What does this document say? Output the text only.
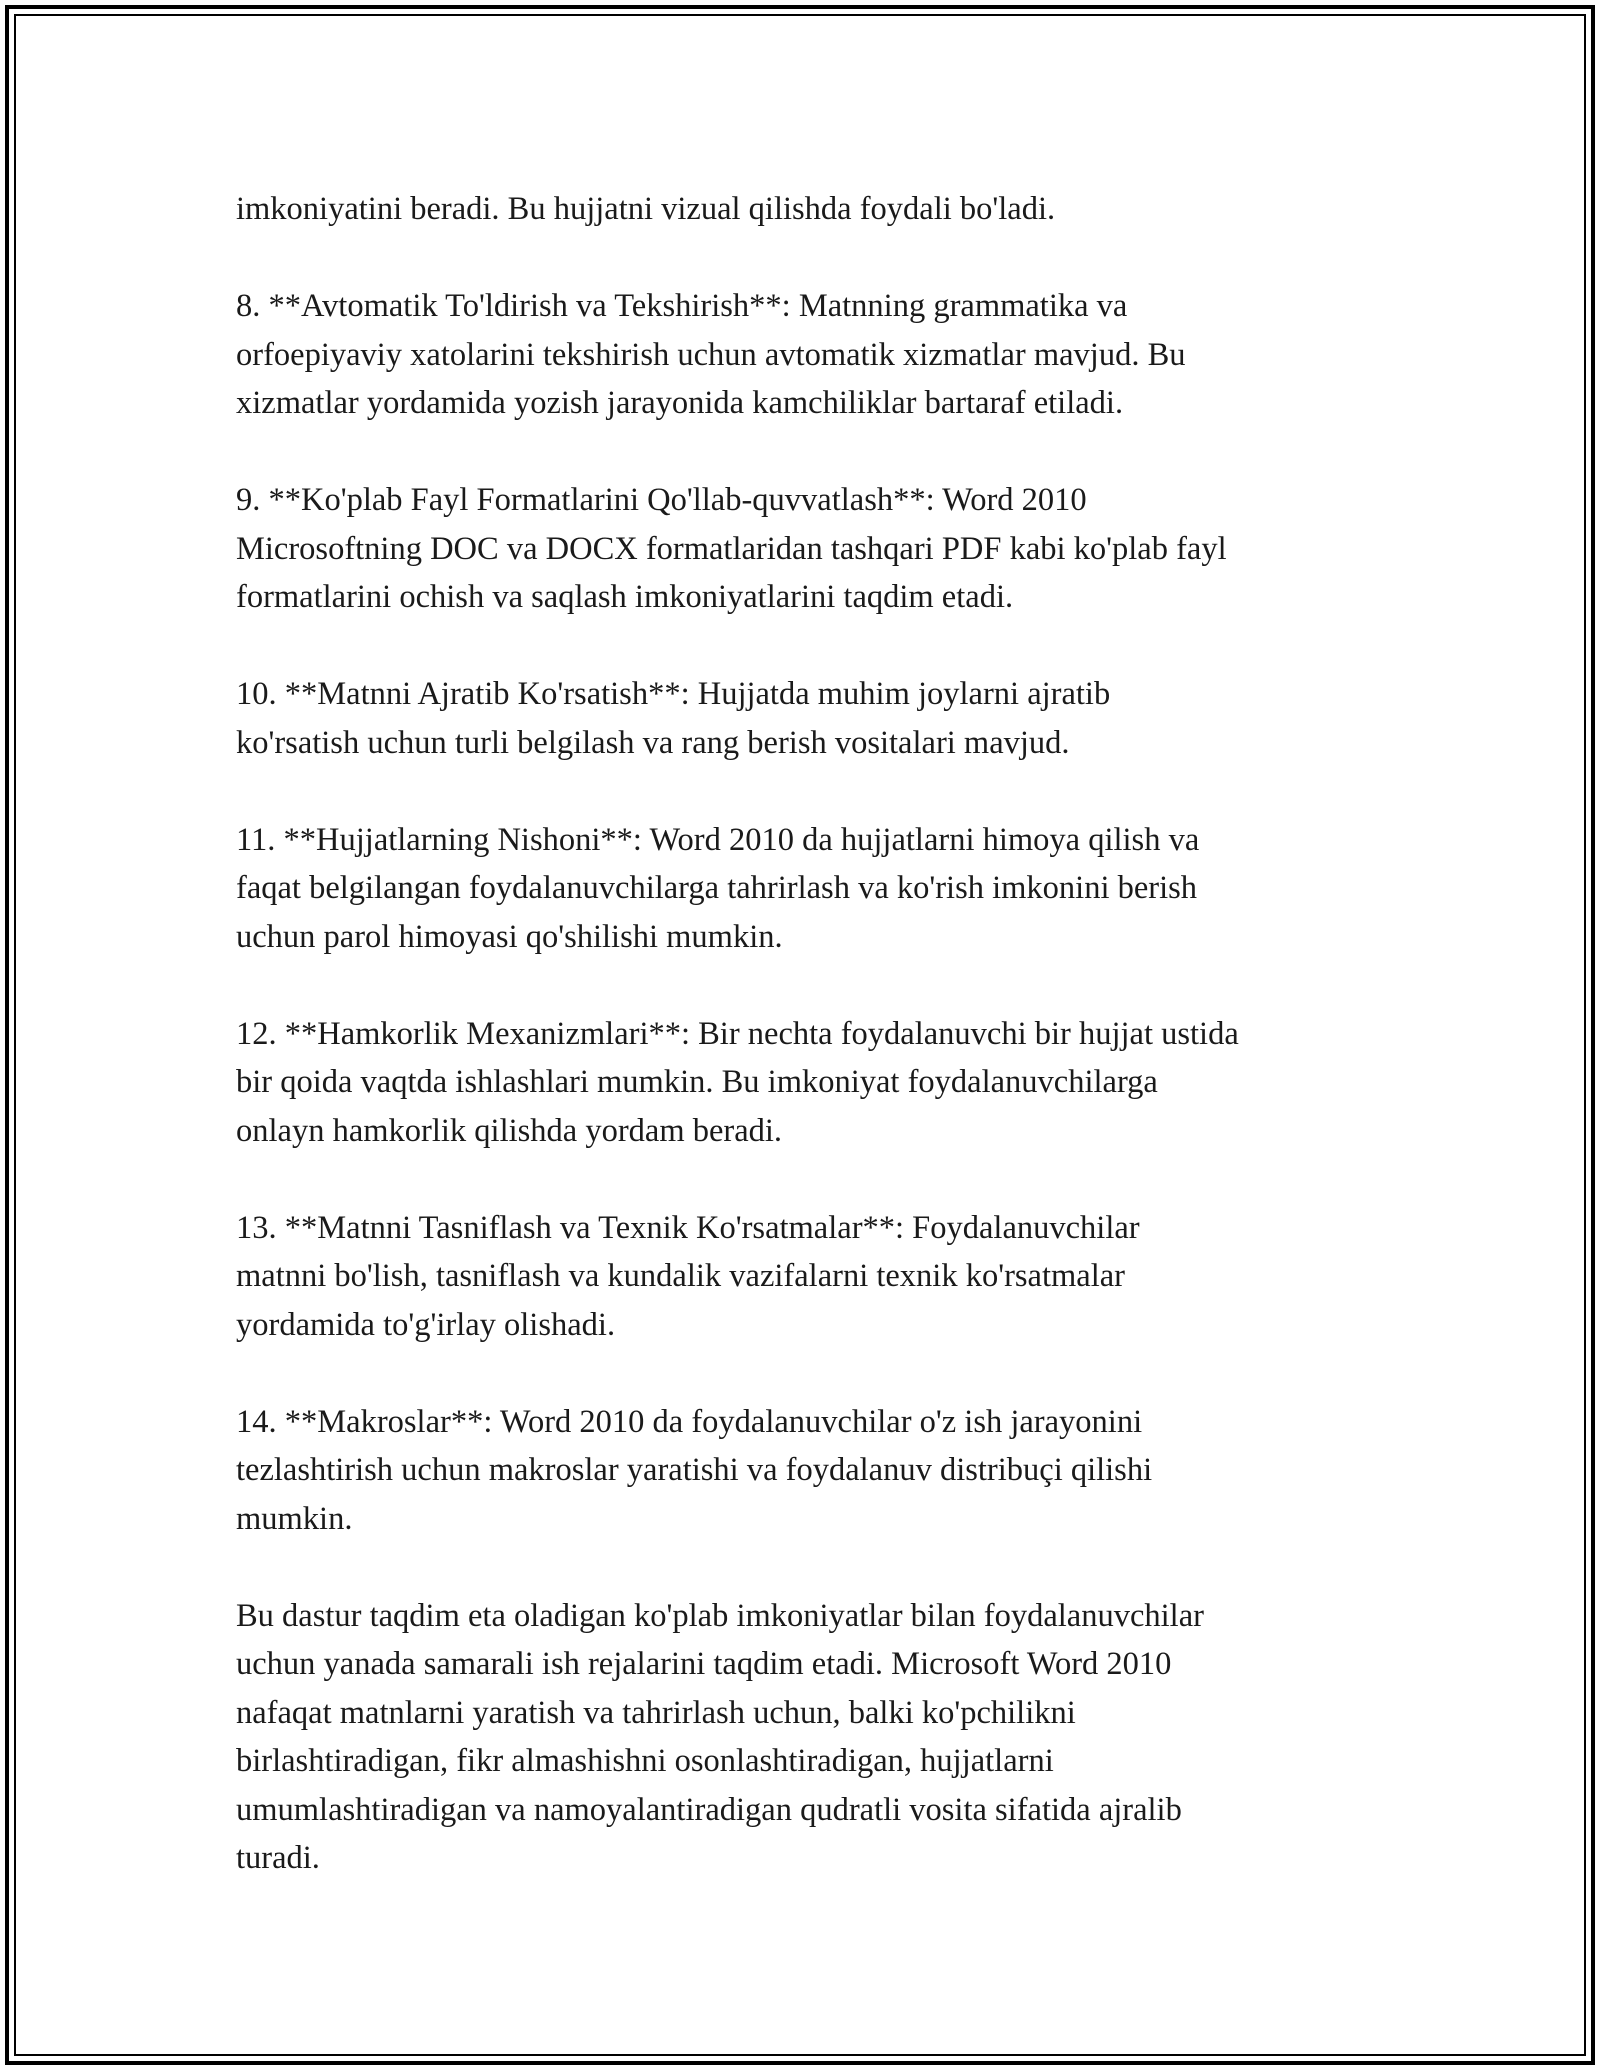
imkoniyatini beradi. Bu hujjatni vizual qilishda foydali bo'ladi.

8. **Avtomatik To'ldirish va Tekshirish**: Matnning grammatika va
orfoepiyaviy xatolarini tekshirish uchun avtomatik xizmatlar mavjud. Bu
xizmatlar yordamida yozish jarayonida kamchiliklar bartaraf etiladi.

9. **Ko'plab Fayl Formatlarini Qo'llab-quvvatlash**: Word 2010
Microsoftning DOC va DOCX formatlaridan tashqari PDF kabi ko'plab fayl
formatlarini ochish va saqlash imkoniyatlarini taqdim etadi.

10. **Matnni Ajratib Ko'rsatish**: Hujjatda muhim joylarni ajratib
ko'rsatish uchun turli belgilash va rang berish vositalari mavjud.

11. **Hujjatlarning Nishoni**: Word 2010 da hujjatlarni himoya qilish va
faqat belgilangan foydalanuvchilarga tahrirlash va ko'rish imkonini berish
uchun parol himoyasi qo'shilishi mumkin.

12. **Hamkorlik Mexanizmlari**: Bir nechta foydalanuvchi bir hujjat ustida
bir qoida vaqtda ishlashlari mumkin. Bu imkoniyat foydalanuvchilarga
onlayn hamkorlik qilishda yordam beradi.

13. **Matnni Tasniflash va Texnik Ko'rsatmalar**: Foydalanuvchilar
matnni bo'lish, tasniflash va kundalik vazifalarni texnik ko'rsatmalar
yordamida to'g'irlay olishadi.

14. **Makroslar**: Word 2010 da foydalanuvchilar o'z ish jarayonini
tezlashtirish uchun makroslar yaratishi va foydalanuv distribuçi qilishi
mumkin.

Bu dastur taqdim eta oladigan ko'plab imkoniyatlar bilan foydalanuvchilar
uchun yanada samarali ish rejalarini taqdim etadi. Microsoft Word 2010
nafaqat matnlarni yaratish va tahrirlash uchun, balki ko'pchilikni
birlashtiradigan, fikr almashishni osonlashtiradigan, hujjatlarni
umumlashtiradigan va namoyalantiradigan qudratli vosita sifatida ajralib
turadi.
